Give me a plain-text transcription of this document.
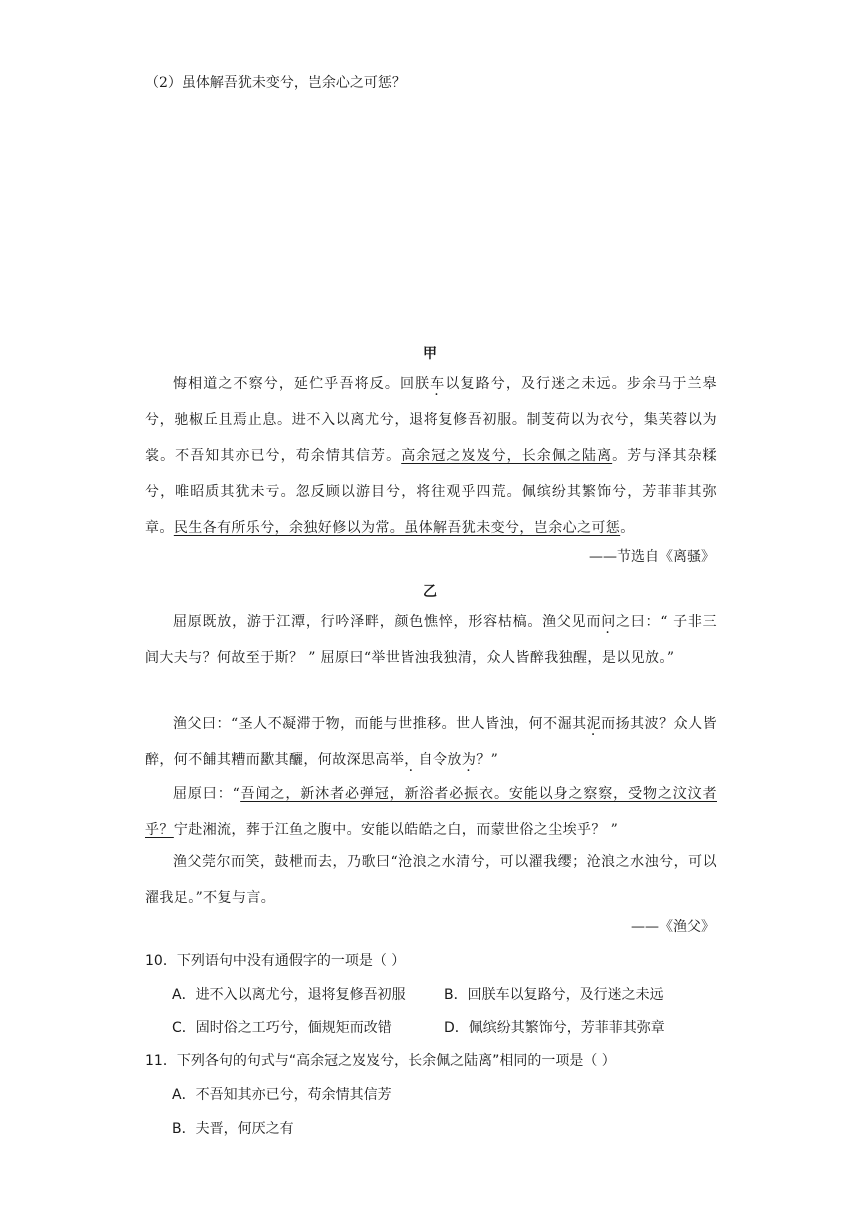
（2）虽体解吾犹未变兮，岂余心之可惩？
甲

悔相道之不察兮，延伫乎吾将反。回朕车以复路兮，及行迷之未远。步余马于兰皋兮，驰椒丘且焉止息。进不入以离尤兮，退将复修吾初服。制芰荷以为衣兮，集芙蓉以为裳。不吾知其亦已兮，苟余情其信芳。高余冠之岌岌兮，长余佩之陆离。芳与泽其杂糅兮，唯昭质其犹未亏。忽反顾以游目兮，将往观乎四荒。佩缤纷其繁饰兮，芳菲菲其弥章。民生各有所乐兮，余独好修以为常。虽体解吾犹未变兮，岂余心之可惩。

——节选自《离骚》
乙

屈原既放，游于江潭，行吟泽畔，颜色憔悴，形容枯槁。渔父见而问之曰：“ 子非三闾大夫与？何故至于斯？ ” 屈原曰“举世皆浊我独清，众人皆醉我独醒，是以见放。”

渔父曰：“圣人不凝滞于物，而能与世推移。世人皆浊，何不淈其泥而扬其波？众人皆醉，何不餔其糟而歠其釃，何故深思高举，自令放为？”

屈原曰：“吾闻之，新沐者必弹冠，新浴者必振衣。安能以身之察察，受物之汶汶者乎？宁赴湘流，葬于江鱼之腹中。安能以皓皓之白，而蒙世俗之尘埃乎？ ”

渔父莞尔而笑，鼓枻而去，乃歌曰“沧浪之水清兮，可以濯我缨；沧浪之水浊兮，可以濯我足。”不复与言。

——《渔父》
10．下列语句中没有通假字的一项是（ ）
A．进不入以离尤兮，退将复修吾初服	B．回朕车以复路兮，及行迷之未远
C．固时俗之工巧兮，偭规矩而改错	D．佩缤纷其繁饰兮，芳菲菲其弥章
11．下列各句的句式与“高余冠之岌岌兮，长余佩之陆离”相同的一项是（ ）
A．不吾知其亦已兮，苟余情其信芳
B．夫晋，何厌之有
